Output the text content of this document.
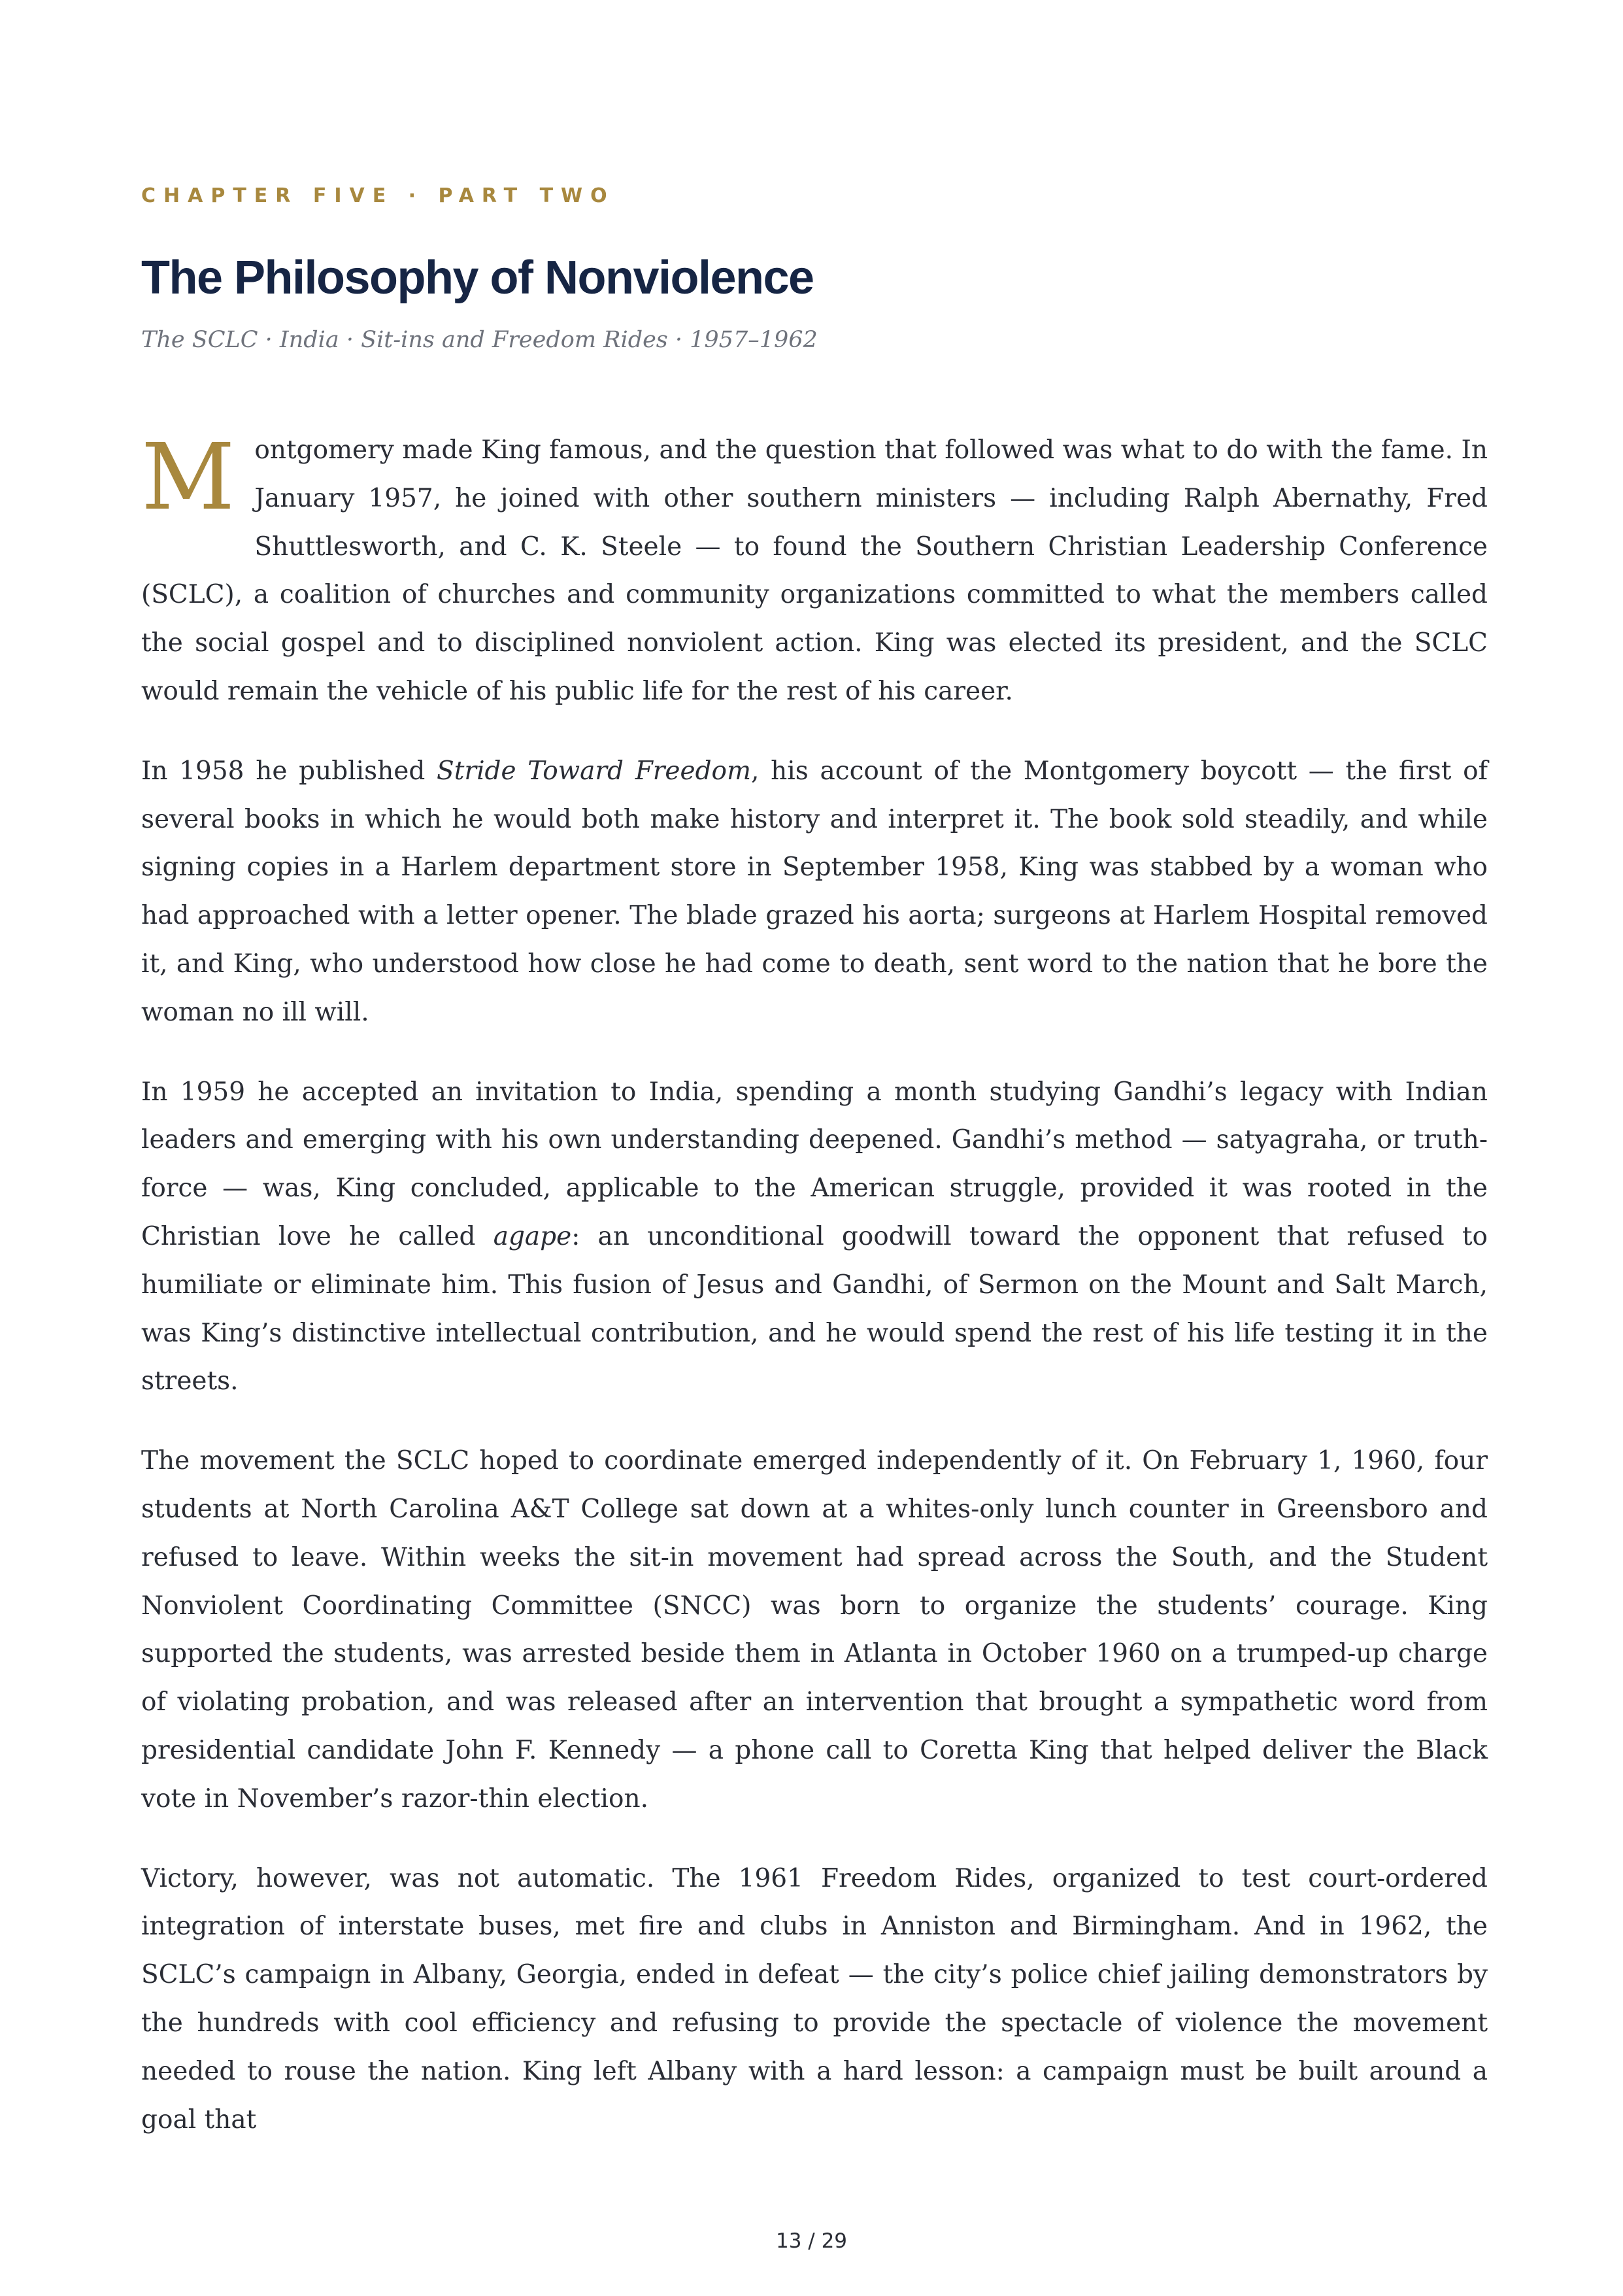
CHAPTER FIVE · PART TWO
The Philosophy of Nonviolence
The SCLC · India · Sit-ins and Freedom Rides · 1957–1962

Montgomery made King famous, and the question that followed was what to do with the fame. In January 1957, he joined with other southern ministers — including Ralph Abernathy, Fred Shuttlesworth, and C. K. Steele — to found the Southern Christian Leadership Conference (SCLC), a coalition of churches and community organizations committed to what the members called the social gospel and to disciplined nonviolent action. King was elected its president, and the SCLC would remain the vehicle of his public life for the rest of his career.

In 1958 he published Stride Toward Freedom, his account of the Montgomery boycott — the first of several books in which he would both make history and interpret it. The book sold steadily, and while signing copies in a Harlem department store in September 1958, King was stabbed by a woman who had approached with a letter opener. The blade grazed his aorta; surgeons at Harlem Hospital removed it, and King, who understood how close he had come to death, sent word to the nation that he bore the woman no ill will.

In 1959 he accepted an invitation to India, spending a month studying Gandhi’s legacy with Indian leaders and emerging with his own understanding deepened. Gandhi’s method — satyagraha, or truth-force — was, King concluded, applicable to the American struggle, provided it was rooted in the Christian love he called agape: an unconditional goodwill toward the opponent that refused to humiliate or eliminate him. This fusion of Jesus and Gandhi, of Sermon on the Mount and Salt March, was King’s distinctive intellectual contribution, and he would spend the rest of his life testing it in the streets.

The movement the SCLC hoped to coordinate emerged independently of it. On February 1, 1960, four students at North Carolina A&T College sat down at a whites-only lunch counter in Greensboro and refused to leave. Within weeks the sit-in movement had spread across the South, and the Student Nonviolent Coordinating Committee (SNCC) was born to organize the students’ courage. King supported the students, was arrested beside them in Atlanta in October 1960 on a trumped-up charge of violating probation, and was released after an intervention that brought a sympathetic word from presidential candidate John F. Kennedy — a phone call to Coretta King that helped deliver the Black vote in November’s razor-thin election.

Victory, however, was not automatic. The 1961 Freedom Rides, organized to test court-ordered integration of interstate buses, met fire and clubs in Anniston and Birmingham. And in 1962, the SCLC’s campaign in Albany, Georgia, ended in defeat — the city’s police chief jailing demonstrators by the hundreds with cool efficiency and refusing to provide the spectacle of violence the movement needed to rouse the nation. King left Albany with a hard lesson: a campaign must be built around a goal that

13 / 29
